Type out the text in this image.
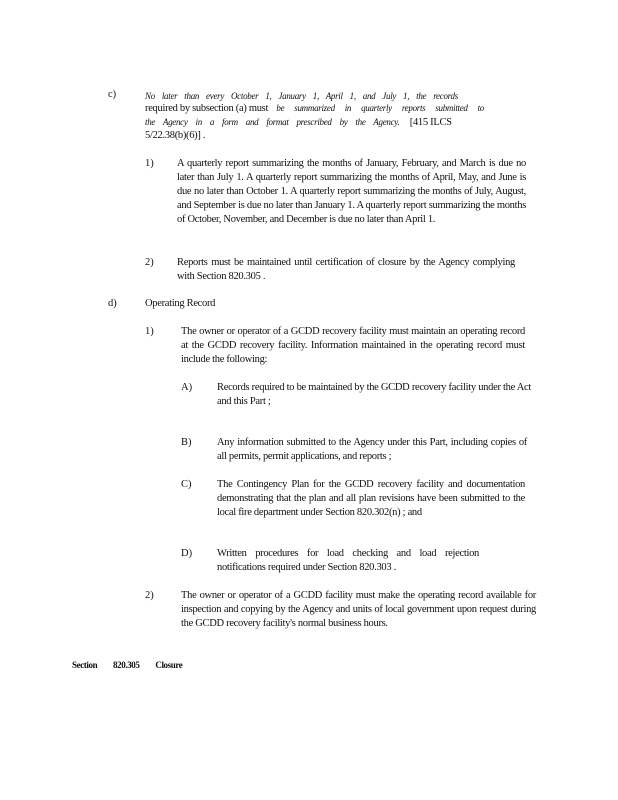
c)	No later than every October 1, January 1, April 1, and July 1, the records

required by subsection (a) must be summarized in quarterly reports submitted to

the Agency in a form and format prescribed by the Agency. [415 ILCS

5/22.38(b)(6)] .

1) A quarterly report summarizing the months of January, February, and March is due no later than July 1. A quarterly report summarizing the months of April, May, and June is due no later than October 1. A quarterly report summarizing the months of July, August, and September is due no later than January 1. A quarterly report summarizing the months of October, November, and December is due no later than April 1.

2) Reports must be maintained until certification of closure by the Agency complying with Section 820.305 .

d)	Operating Record

1)	The owner or operator of a GCDD recovery facility must maintain an operating record at the GCDD recovery facility. Information maintained in the operating record must include the following:

A) Records required to be maintained by the GCDD recovery facility under the Act and this Part ;

B) Any information submitted to the Agency under this Part, including copies of all permits, permit applications, and reports ;

C) The Contingency Plan for the GCDD recovery facility and documentation demonstrating that the plan and all plan revisions have been submitted to the local fire department under Section 820.302(n) ; and

D) Written procedures for load checking and load rejection notifications required under Section 820.303 .

2)	The owner or operator of a GCDD facility must make the operating record available for inspection and copying by the Agency and units of local government upon request during the GCDD recovery facility's normal business hours.

Section 820.305 Closure
